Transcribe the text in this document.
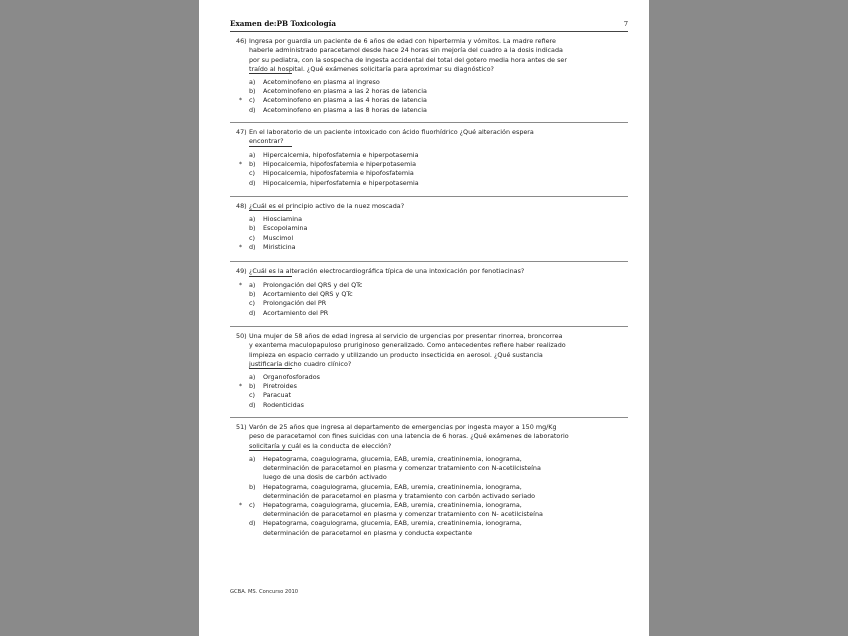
Examen de:PB Toxicología	7
46) Ingresa por guardia un paciente de 6 años de edad con hipertermia y vómitos. La madre refiere
haberle administrado paracetamol desde hace 24 horas sin mejoría del cuadro a la dosis indicada
por su pediatra, con la sospecha de ingesta accidental del total del gotero media hora antes de ser
traído al hospital. ¿Qué exámenes solicitaría para aproximar su diagnóstico?
a) Acetominofeno en plasma al ingreso
b) Acetominofeno en plasma a las 2 horas de latencia
* c) Acetominofeno en plasma a las 4 horas de latencia
d) Acetominofeno en plasma a las 8 horas de latencia
47) En el laboratorio de un paciente intoxicado con ácido fluorhídrico ¿Qué alteración espera
encontrar?
a) Hipercalcemia, hipofosfatemia e hiperpotasemia
* b) Hipocalcemia, hipofosfatemia e hiperpotasemia
c) Hipocalcemia, hipofosfatemia e hipofosfatemia
d) Hipocalcemia, hiperfosfatemia e hiperpotasemia
48) ¿Cuál es el principio activo de la nuez moscada?
a) Hiosciamina
b) Escopolamina
c) Muscimol
* d) Miristicina
49) ¿Cuál es la alteración electrocardiográfica típica de una intoxicación por fenotiacinas?
* a) Prolongación del QRS y del QTc
b) Acortamiento del QRS y QTc
c) Prolongación del PR
d) Acortamiento del PR
50) Una mujer de 58 años de edad ingresa al servicio de urgencias por presentar rinorrea, broncorrea
y exantema maculopapuloso pruriginoso generalizado. Como antecedentes refiere haber realizado
limpieza en espacio cerrado y utilizando un producto insecticida en aerosol. ¿Qué sustancia
justificaría dicho cuadro clínico?
a) Organofosforados
* b) Piretroides
c) Paracuat
d) Rodenticidas
51) Varón de 25 años que ingresa al departamento de emergencias por ingesta mayor a 150 mg/Kg
peso de paracetamol con fines suicidas con una latencia de 6 horas. ¿Qué exámenes de laboratorio
solicitaría y cuál es la conducta de elección?
a) Hepatograma, coagulograma, glucemia, EAB, uremia, creatininemia, ionograma,
determinación de paracetamol en plasma y comenzar tratamiento con N-acetilcisteína
luego de una dosis de carbón activado
b) Hepatograma, coagulograma, glucemia, EAB, uremia, creatininemia, ionograma,
determinación de paracetamol en plasma y tratamiento con carbón activado seriado
* c) Hepatograma, coagulograma, glucemia, EAB, uremia, creatininemia, ionograma,
determinación de paracetamol en plasma y comenzar tratamiento con N- acetilcisteína
d) Hepatograma, coagulograma, glucemia, EAB, uremia, creatininemia, ionograma,
determinación de paracetamol en plasma y conducta expectante
GCBA. MS. Concurso 2010
